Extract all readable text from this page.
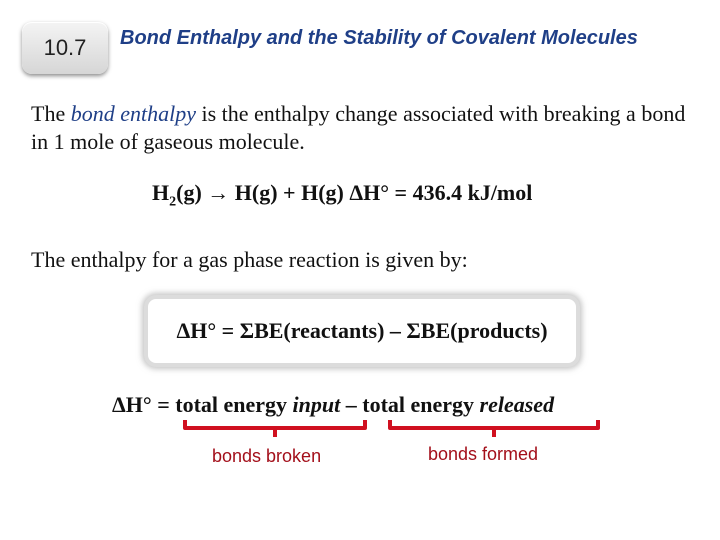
10.7	Bond Enthalpy and the Stability of Covalent Molecules
The bond enthalpy is the enthalpy change associated with breaking a bond in 1 mole of gaseous molecule.
$H_2(g) \to H(g) + H(g) \Delta H^\circ = 436.4$ kJ/mol
The enthalpy for a gas phase reaction is given by:
ΔH° = ΣBE(reactants) – ΣBE(products)
ΔH° = total energy input – total energy released
bonds broken	bonds formed
